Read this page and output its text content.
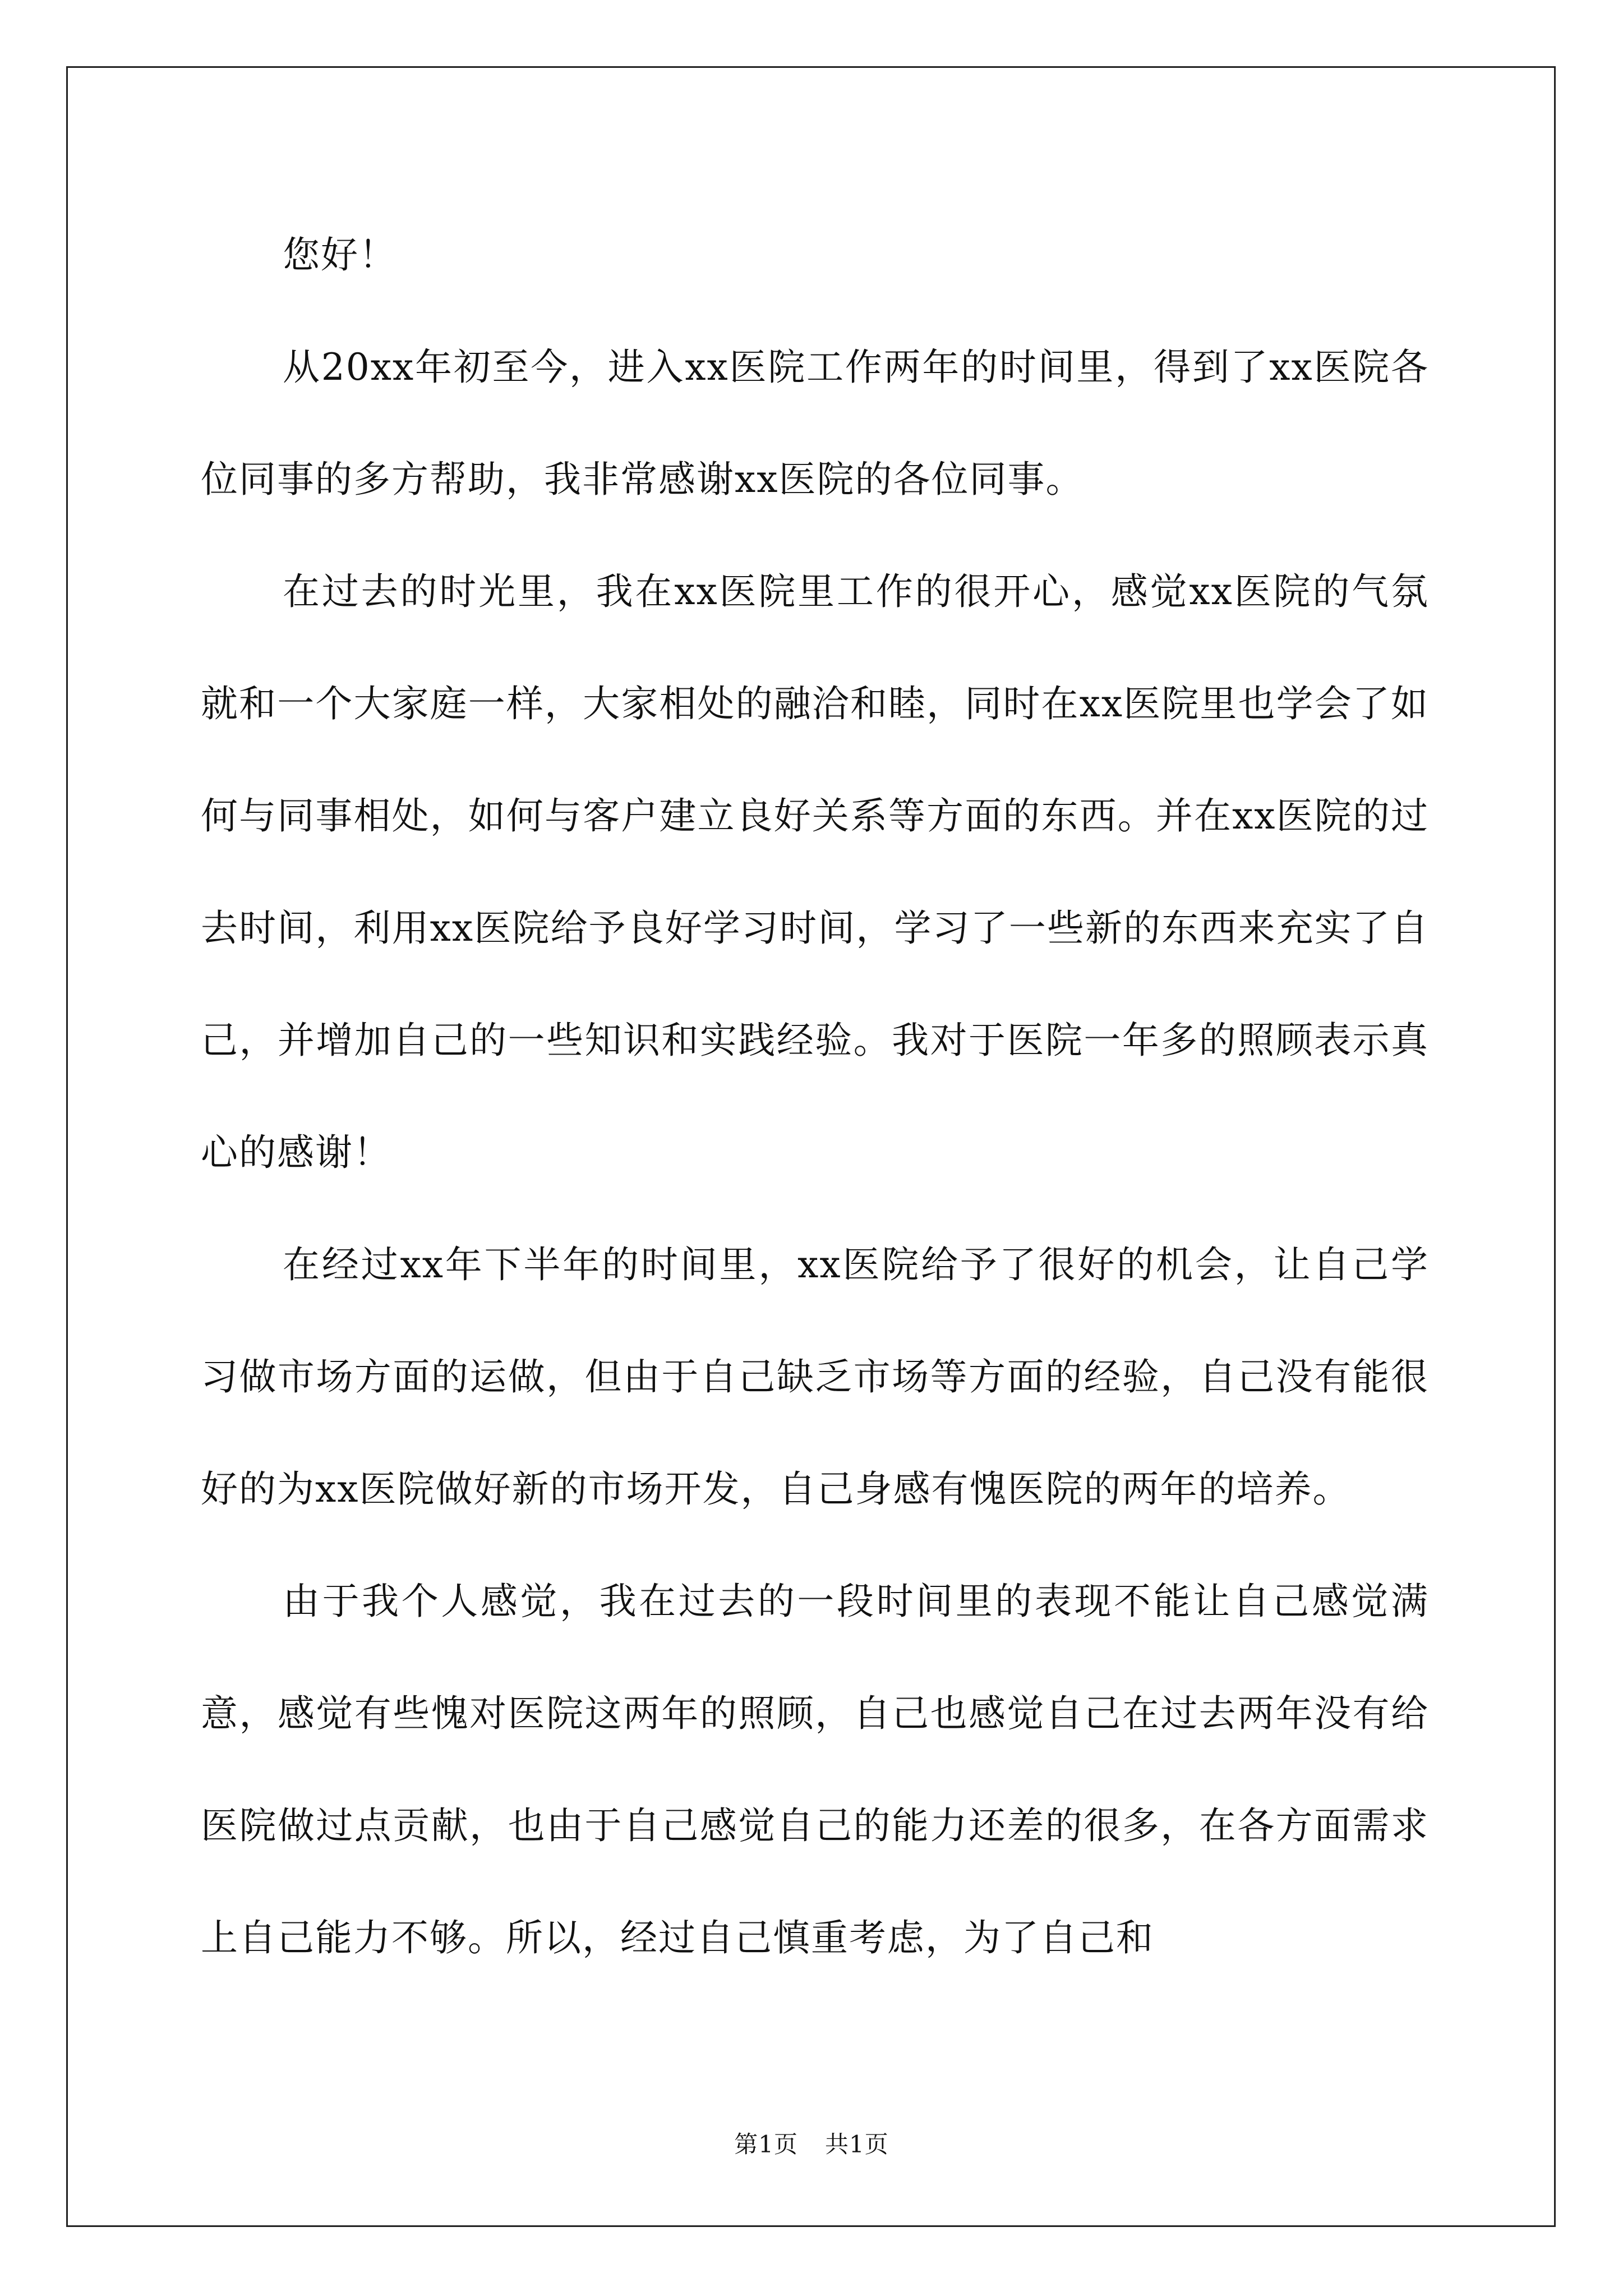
您好！

从20xx年初至今，进入xx医院工作两年的时间里，得到了xx医院各位同事的多方帮助，我非常感谢xx医院的各位同事。

在过去的时光里，我在xx医院里工作的很开心，感觉xx医院的气氛就和一个大家庭一样，大家相处的融洽和睦，同时在xx医院里也学会了如何与同事相处，如何与客户建立良好关系等方面的东西。并在xx医院的过去时间，利用xx医院给予良好学习时间，学习了一些新的东西来充实了自己，并增加自己的一些知识和实践经验。我对于医院一年多的照顾表示真心的感谢！

在经过xx年下半年的时间里，xx医院给予了很好的机会，让自己学习做市场方面的运做，但由于自己缺乏市场等方面的经验，自己没有能很好的为xx医院做好新的市场开发，自己身感有愧医院的两年的培养。

由于我个人感觉，我在过去的一段时间里的表现不能让自己感觉满意，感觉有些愧对医院这两年的照顾，自己也感觉自己在过去两年没有给医院做过点贡献，也由于自己感觉自己的能力还差的很多，在各方面需求上自己能力不够。所以，经过自己慎重考虑，为了自己和

第1页 共1页
